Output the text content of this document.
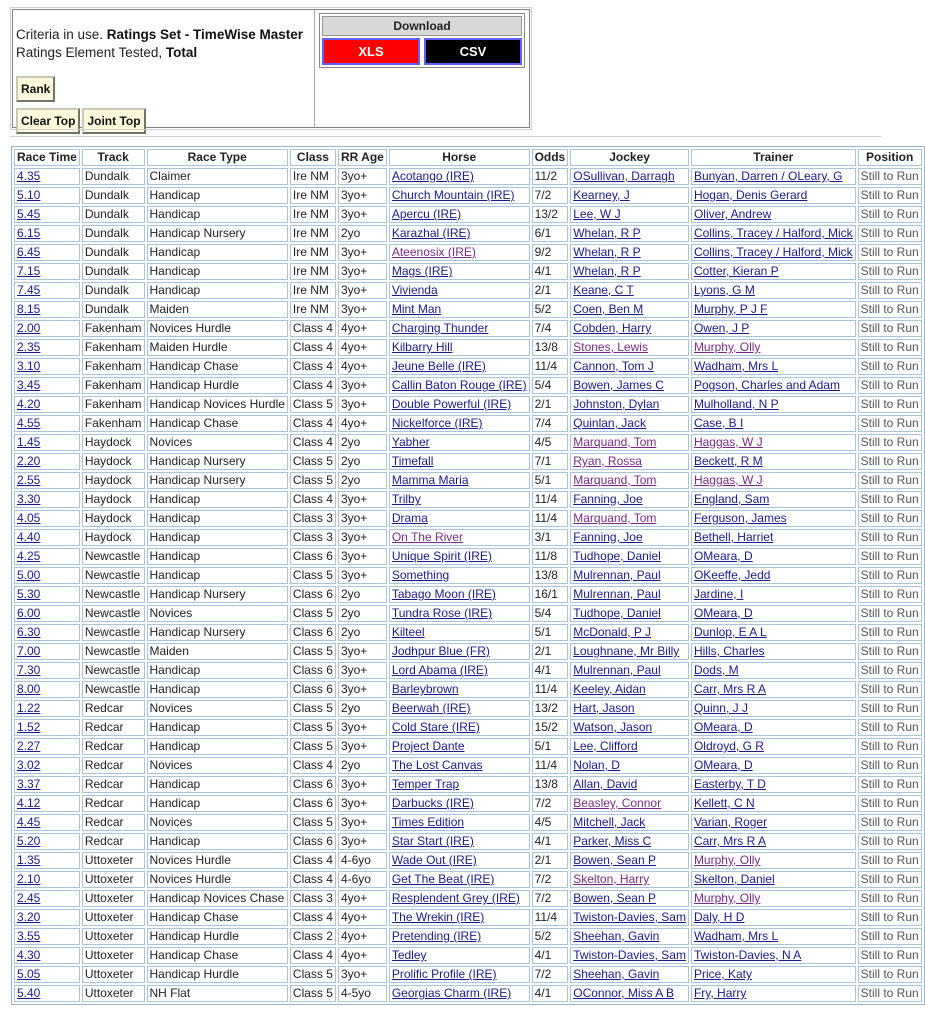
Criteria in use. Ratings Set - TimeWise Master
Ratings Element Tested, Total
Rank
Clear Top	Joint Top
Download
XLS	CSV
Race Time	Track	Race Type	Class	RR Age	Horse	Odds	Jockey	Trainer	Position
4.35	Dundalk	Claimer	Ire NM	3yo+	Acotango (IRE)	11/2	OSullivan, Darragh	Bunyan, Darren / OLeary, G	Still to Run
5.10	Dundalk	Handicap	Ire NM	3yo+	Church Mountain (IRE)	7/2	Kearney, J	Hogan, Denis Gerard	Still to Run
5.45	Dundalk	Handicap	Ire NM	3yo+	Apercu (IRE)	13/2	Lee, W J	Oliver, Andrew	Still to Run
6.15	Dundalk	Handicap Nursery	Ire NM	2yo	Karazhal (IRE)	6/1	Whelan, R P	Collins, Tracey / Halford, Mick	Still to Run
6.45	Dundalk	Handicap	Ire NM	3yo+	Ateenosix (IRE)	9/2	Whelan, R P	Collins, Tracey / Halford, Mick	Still to Run
7.15	Dundalk	Handicap	Ire NM	3yo+	Mags (IRE)	4/1	Whelan, R P	Cotter, Kieran P	Still to Run
7.45	Dundalk	Handicap	Ire NM	3yo+	Vivienda	2/1	Keane, C T	Lyons, G M	Still to Run
8.15	Dundalk	Maiden	Ire NM	3yo+	Mint Man	5/2	Coen, Ben M	Murphy, P J F	Still to Run
2.00	Fakenham	Novices Hurdle	Class 4	4yo+	Charging Thunder	7/4	Cobden, Harry	Owen, J P	Still to Run
2.35	Fakenham	Maiden Hurdle	Class 4	4yo+	Kilbarry Hill	13/8	Stones, Lewis	Murphy, Olly	Still to Run
3.10	Fakenham	Handicap Chase	Class 4	4yo+	Jeune Belle (IRE)	11/4	Cannon, Tom J	Wadham, Mrs L	Still to Run
3.45	Fakenham	Handicap Hurdle	Class 4	3yo+	Callin Baton Rouge (IRE)	5/4	Bowen, James C	Pogson, Charles and Adam	Still to Run
4.20	Fakenham	Handicap Novices Hurdle	Class 5	3yo+	Double Powerful (IRE)	2/1	Johnston, Dylan	Mulholland, N P	Still to Run
4.55	Fakenham	Handicap Chase	Class 4	4yo+	Nickelforce (IRE)	7/4	Quinlan, Jack	Case, B I	Still to Run
1.45	Haydock	Novices	Class 4	2yo	Yabher	4/5	Marquand, Tom	Haggas, W J	Still to Run
2.20	Haydock	Handicap Nursery	Class 5	2yo	Timefall	7/1	Ryan, Rossa	Beckett, R M	Still to Run
2.55	Haydock	Handicap Nursery	Class 5	2yo	Mamma Maria	5/1	Marquand, Tom	Haggas, W J	Still to Run
3.30	Haydock	Handicap	Class 4	3yo+	Trilby	11/4	Fanning, Joe	England, Sam	Still to Run
4.05	Haydock	Handicap	Class 3	3yo+	Drama	11/4	Marquand, Tom	Ferguson, James	Still to Run
4.40	Haydock	Handicap	Class 3	3yo+	On The River	3/1	Fanning, Joe	Bethell, Harriet	Still to Run
4.25	Newcastle	Handicap	Class 6	3yo+	Unique Spirit (IRE)	11/8	Tudhope, Daniel	OMeara, D	Still to Run
5.00	Newcastle	Handicap	Class 5	3yo+	Something	13/8	Mulrennan, Paul	OKeeffe, Jedd	Still to Run
5.30	Newcastle	Handicap Nursery	Class 6	2yo	Tabago Moon (IRE)	16/1	Mulrennan, Paul	Jardine, I	Still to Run
6.00	Newcastle	Novices	Class 5	2yo	Tundra Rose (IRE)	5/4	Tudhope, Daniel	OMeara, D	Still to Run
6.30	Newcastle	Handicap Nursery	Class 6	2yo	Kilteel	5/1	McDonald, P J	Dunlop, E A L	Still to Run
7.00	Newcastle	Maiden	Class 5	3yo+	Jodhpur Blue (FR)	2/1	Loughnane, Mr Billy	Hills, Charles	Still to Run
7.30	Newcastle	Handicap	Class 6	3yo+	Lord Abama (IRE)	4/1	Mulrennan, Paul	Dods, M	Still to Run
8.00	Newcastle	Handicap	Class 6	3yo+	Barleybrown	11/4	Keeley, Aidan	Carr, Mrs R A	Still to Run
1.22	Redcar	Novices	Class 5	2yo	Beerwah (IRE)	13/2	Hart, Jason	Quinn, J J	Still to Run
1.52	Redcar	Handicap	Class 5	3yo+	Cold Stare (IRE)	15/2	Watson, Jason	OMeara, D	Still to Run
2.27	Redcar	Handicap	Class 5	3yo+	Project Dante	5/1	Lee, Clifford	Oldroyd, G R	Still to Run
3.02	Redcar	Novices	Class 4	2yo	The Lost Canvas	11/4	Nolan, D	OMeara, D	Still to Run
3.37	Redcar	Handicap	Class 6	3yo+	Temper Trap	13/8	Allan, David	Easterby, T D	Still to Run
4.12	Redcar	Handicap	Class 6	3yo+	Darbucks (IRE)	7/2	Beasley, Connor	Kellett, C N	Still to Run
4.45	Redcar	Novices	Class 5	3yo+	Times Edition	4/5	Mitchell, Jack	Varian, Roger	Still to Run
5.20	Redcar	Handicap	Class 6	3yo+	Star Start (IRE)	4/1	Parker, Miss C	Carr, Mrs R A	Still to Run
1.35	Uttoxeter	Novices Hurdle	Class 4	4-6yo	Wade Out (IRE)	2/1	Bowen, Sean P	Murphy, Olly	Still to Run
2.10	Uttoxeter	Novices Hurdle	Class 4	4-6yo	Get The Beat (IRE)	7/2	Skelton, Harry	Skelton, Daniel	Still to Run
2.45	Uttoxeter	Handicap Novices Chase	Class 3	4yo+	Resplendent Grey (IRE)	7/2	Bowen, Sean P	Murphy, Olly	Still to Run
3.20	Uttoxeter	Handicap Chase	Class 4	4yo+	The Wrekin (IRE)	11/4	Twiston-Davies, Sam	Daly, H D	Still to Run
3.55	Uttoxeter	Handicap Hurdle	Class 2	4yo+	Pretending (IRE)	5/2	Sheehan, Gavin	Wadham, Mrs L	Still to Run
4.30	Uttoxeter	Handicap Chase	Class 4	4yo+	Tedley	4/1	Twiston-Davies, Sam	Twiston-Davies, N A	Still to Run
5.05	Uttoxeter	Handicap Hurdle	Class 5	3yo+	Prolific Profile (IRE)	7/2	Sheehan, Gavin	Price, Katy	Still to Run
5.40	Uttoxeter	NH Flat	Class 5	4-5yo	Georgias Charm (IRE)	4/1	OConnor, Miss A B	Fry, Harry	Still to Run
